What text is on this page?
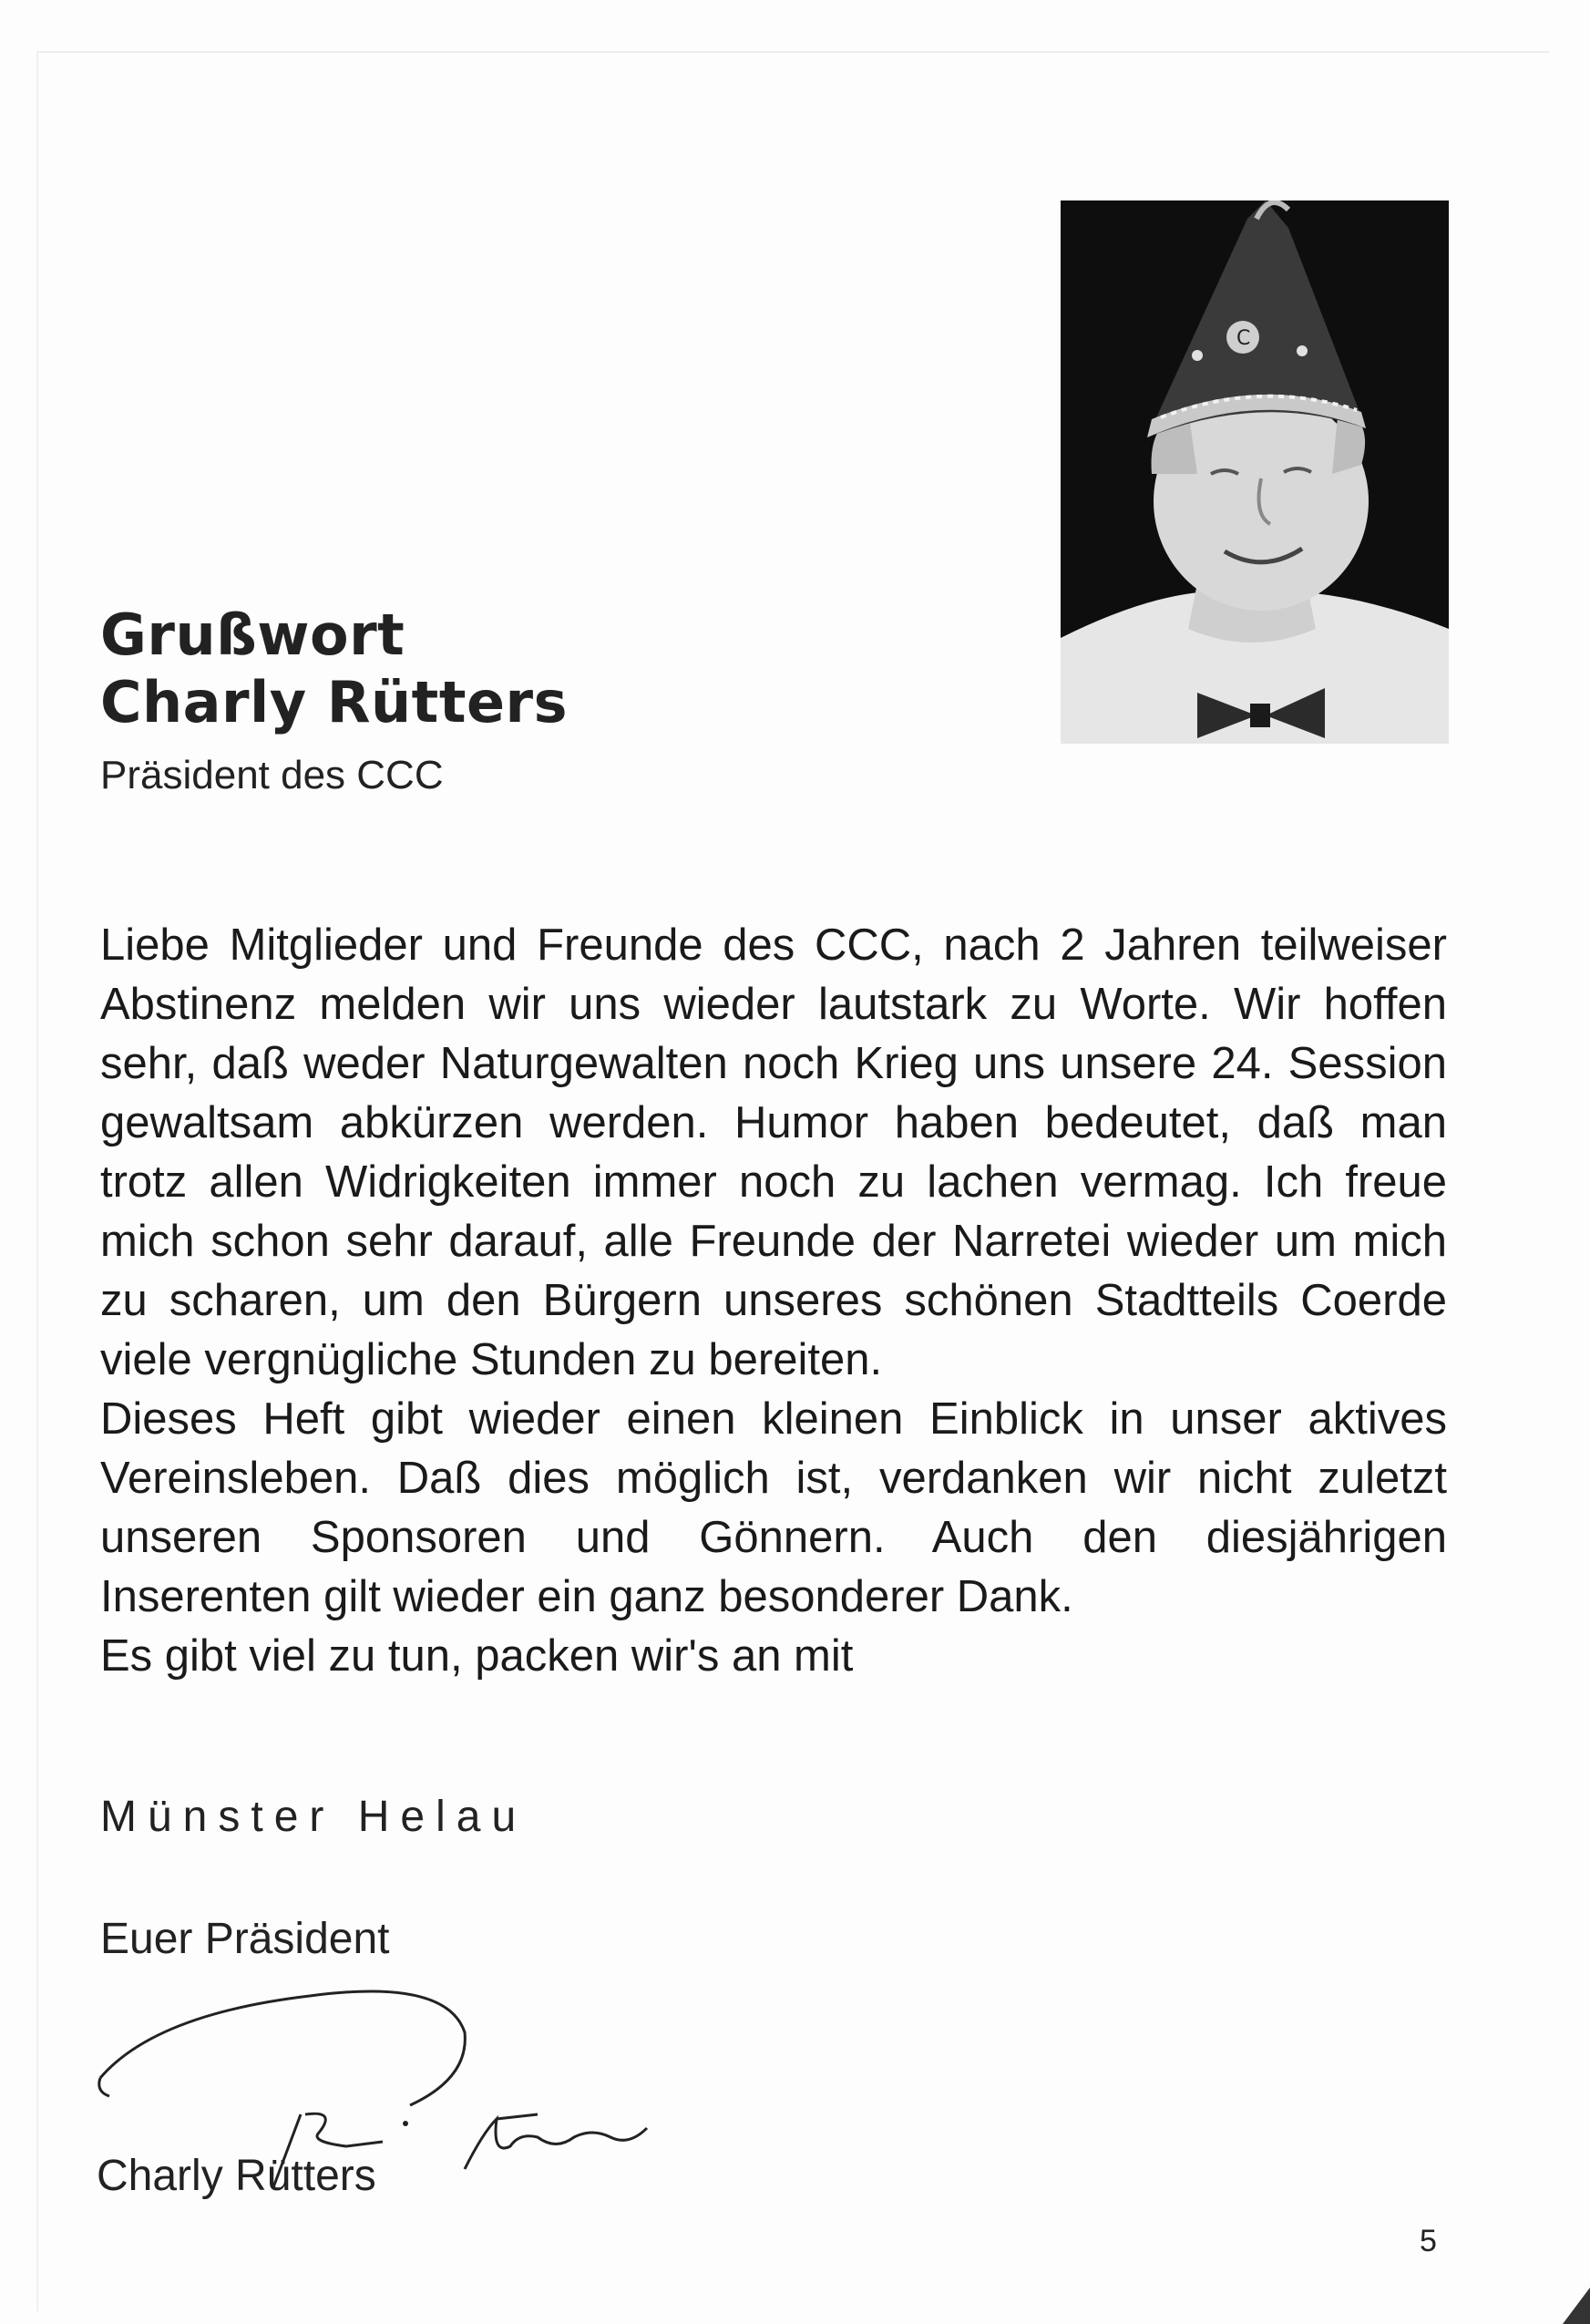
C
Grußwort
Charly Rütters
Präsident des CCC

Liebe Mitglieder und Freunde des CCC, nach 2 Jahren teilweiser Abstinenz melden wir uns wieder lautstark zu Worte. Wir hoffen sehr, daß weder Naturgewalten noch Krieg uns unsere 24. Session gewaltsam abkürzen werden. Humor haben bedeutet, daß man trotz allen Widrigkeiten immer noch zu lachen vermag. Ich freue mich schon sehr darauf, alle Freunde der Narretei wieder um mich zu scharen, um den Bürgern unseres schönen Stadtteils Coerde viele vergnügliche Stunden zu bereiten.

Dieses Heft gibt wieder einen kleinen Einblick in unser aktives Vereinsleben. Daß dies möglich ist, verdanken wir nicht zuletzt unseren Sponsoren und Gönnern. Auch den diesjährigen Inserenten gilt wieder ein ganz besonderer Dank.

Es gibt viel zu tun, packen wir's an mit

Münster Helau
Euer Präsident
Charly Rütters
5
